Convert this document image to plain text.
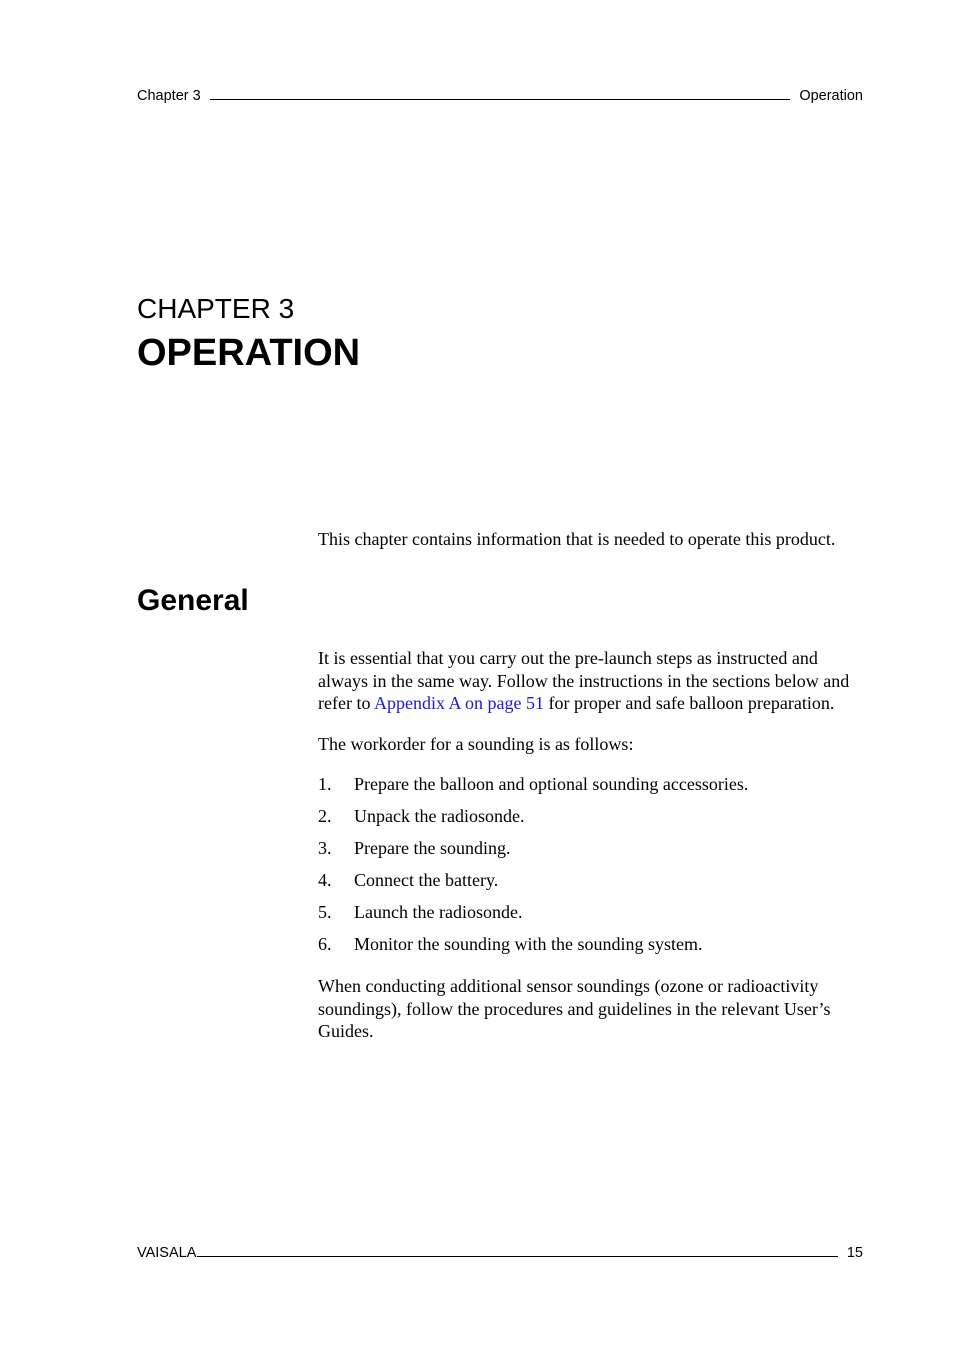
Chapter 3	Operation
CHAPTER 3
OPERATION

This chapter contains information that is needed to operate this product.

General

It is essential that you carry out the pre-launch steps as instructed and always in the same way. Follow the instructions in the sections below and refer to Appendix A on page 51 for proper and safe balloon preparation.

The workorder for a sounding is as follows:

1.	Prepare the balloon and optional sounding accessories.
2.	Unpack the radiosonde.
3.	Prepare the sounding.
4.	Connect the battery.
5.	Launch the radiosonde.
6.	Monitor the sounding with the sounding system.

When conducting additional sensor soundings (ozone or radioactivity soundings), follow the procedures and guidelines in the relevant User’s Guides.

VAISALA	15
